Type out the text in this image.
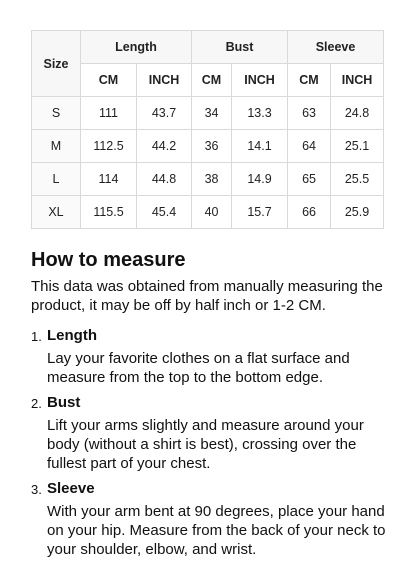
Size	Length		Bust		Sleeve	
	CM	INCH	CM	INCH	CM	INCH
S	111	43.7	34	13.3	63	24.8
M	112.5	44.2	36	14.1	64	25.1
L	114	44.8	38	14.9	65	25.5
XL	115.5	45.4	40	15.7	66	25.9
How to measure

This data was obtained from manually measuring the product, it may be off by half inch or 1-2 CM.

1. Length

Lay your favorite clothes on a flat surface and measure from the top to the bottom edge.

2. Bust

Lift your arms slightly and measure around your body (without a shirt is best), crossing over the fullest part of your chest.

3. Sleeve

With your arm bent at 90 degrees, place your hand on your hip. Measure from the back of your neck to your shoulder, elbow, and wrist.
